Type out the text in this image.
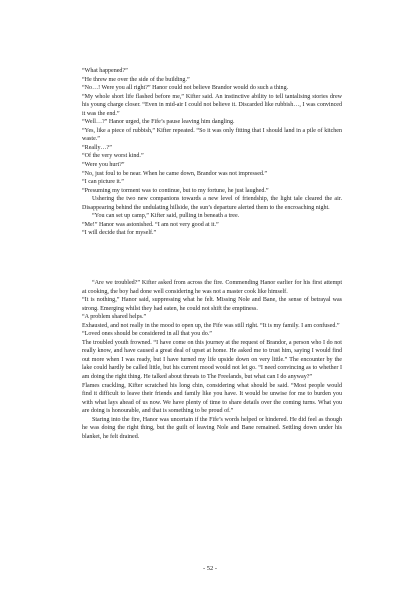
“What happened?”

“He threw me over the side of the building.”

“No…! Were you all right?” Hanor could not believe Brandor would do such a thing.

“My whole short life flashed before me,” Kifter said. An instinctive ability to tell tantalising stories drew his young charge closer. “Even in mid-air I could not believe it. Discarded like rubbish…, I was convinced it was the end.”

“Well…?” Hanor urged, the Fife’s pause leaving him dangling.

“Yes, like a piece of rubbish,” Kifter repeated. “So it was only fitting that I should land in a pile of kitchen waste.”

“Really…?”

“Of the very worst kind.”

“Were you hurt?”

“No, just foul to be near. When he came down, Brandor was not impressed.”

“I can picture it.”

“Presuming my torment was to continue, but to my fortune, he just laughed.”

Ushering the two new companions towards a new level of friendship, the light tale cleared the air. Disappearing behind the undulating hillside, the sun’s departure alerted them to the encroaching night.

“You can set up camp,” Kifter said, pulling in beneath a tree.

“Me!” Hanor was astonished. “I am not very good at it.”

“I will decide that for myself.”

“Are we troubled?” Kifter asked from across the fire. Commending Hanor earlier for his first attempt at cooking, the boy had done well considering he was not a master cook like himself.

“It is nothing,” Hanor said, suppressing what he felt. Missing Nole and Bane, the sense of betrayal was strong. Emerging whilst they had eaten, he could not shift the emptiness.

“A problem shared helps.”

Exhausted, and not really in the mood to open up, the Fife was still right. “It is my family. I am confused.”

“Loved ones should be considered in all that you do.”

The troubled youth frowned. “I have come on this journey at the request of Brandor, a person who I do not really know, and have caused a great deal of upset at home. He asked me to trust him, saying I would find out more when I was ready, but I have turned my life upside down on very little.” The encounter by the lake could hardly be called little, but his current mood would not let go. “I need convincing as to whether I am doing the right thing. He talked about threats to The Freelands, but what can I do anyway?”

Flames crackling, Kifter scratched his long chin, considering what should be said. “Most people would find it difficult to leave their friends and family like you have. It would be unwise for me to burden you with what lays ahead of us now. We have plenty of time to share details over the coming turns. What you are doing is honourable, and that is something to be proud of.”

Staring into the fire, Hanor was uncertain if the Fife’s words helped or hindered. He did feel as though he was doing the right thing, but the guilt of leaving Nole and Bane remained. Settling down under his blanket, he felt drained.

- 52 -
